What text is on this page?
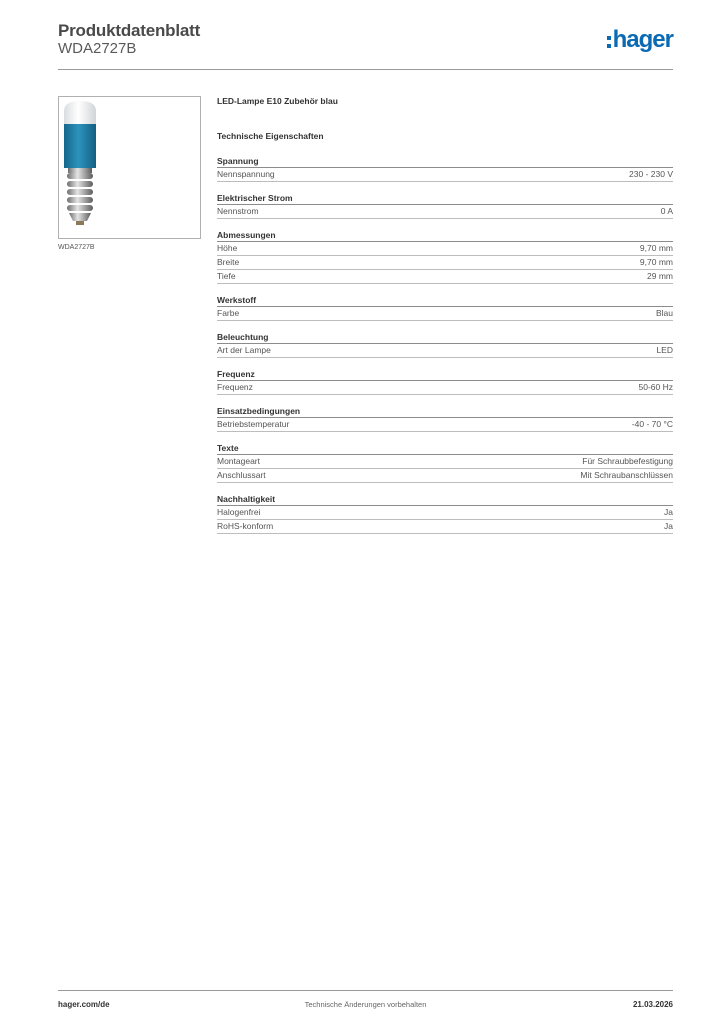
Produktdatenblatt
WDA2727B	hager
WDA2727B
LED-Lampe E10 Zubehör blau
Technische Eigenschaften
Spannung
Nennspannung	230 - 230 V
Elektrischer Strom
Nennstrom	0 A
Abmessungen
Höhe	9,70 mm
Breite	9,70 mm
Tiefe	29 mm
Werkstoff
Farbe	Blau
Beleuchtung
Art der Lampe	LED
Frequenz
Frequenz	50-60 Hz
Einsatzbedingungen
Betriebstemperatur	-40 - 70 °C
Texte
Montageart	Für Schraubbefestigung
Anschlussart	Mit Schraubanschlüssen
Nachhaltigkeit
Halogenfrei	Ja
RoHS-konform	Ja
hager.com/de	Technische Änderungen vorbehalten	21.03.2026
